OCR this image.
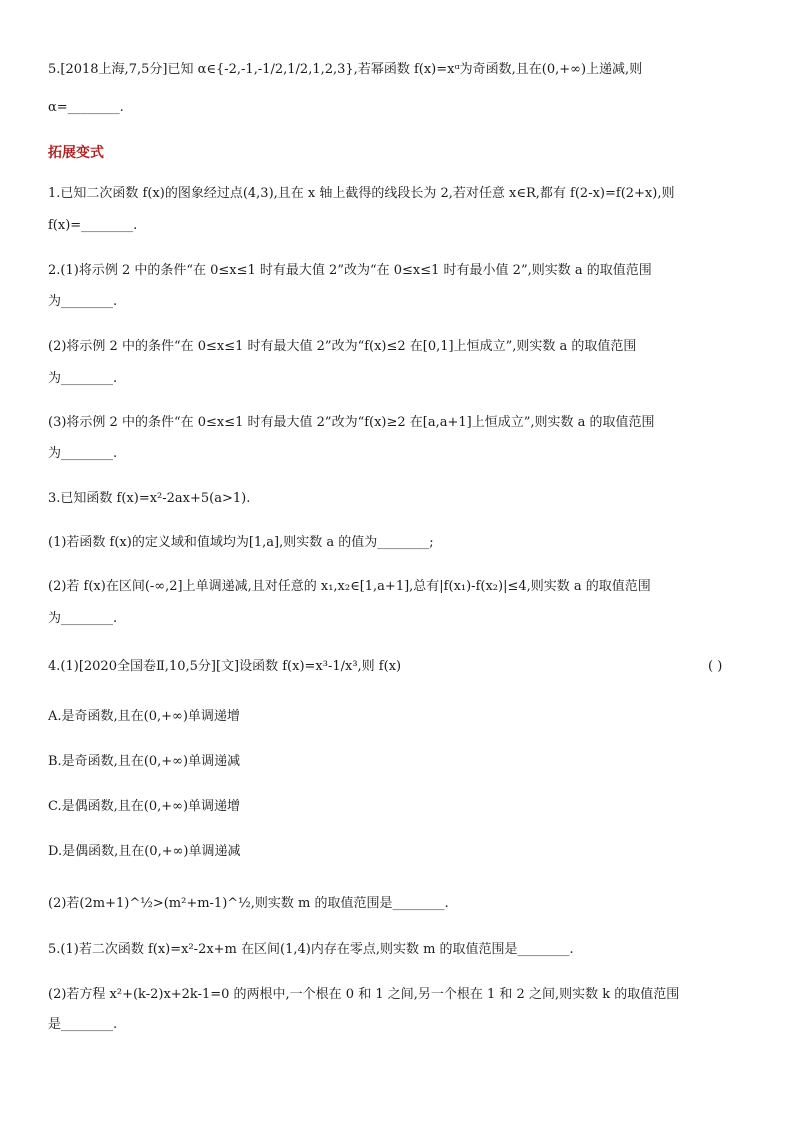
5.[2018上海,7,5分]已知 α∈{-2,-1,-1/2,1/2,1,2,3},若幂函数 f(x)=xᵅ为奇函数,且在(0,+∞)上递减,则
α=________.
拓展变式
1.已知二次函数 f(x)的图象经过点(4,3),且在 x 轴上截得的线段长为 2,若对任意 x∈R,都有 f(2-x)=f(2+x),则
f(x)=________.
2.(1)将示例 2 中的条件“在 0≤x≤1 时有最大值 2”改为“在 0≤x≤1 时有最小值 2”,则实数 a 的取值范围
为________.
(2)将示例 2 中的条件“在 0≤x≤1 时有最大值 2”改为“f(x)≤2 在[0,1]上恒成立”,则实数 a 的取值范围
为________.
(3)将示例 2 中的条件“在 0≤x≤1 时有最大值 2”改为“f(x)≥2 在[a,a+1]上恒成立”,则实数 a 的取值范围
为________.
3.已知函数 f(x)=x²-2ax+5(a>1).
(1)若函数 f(x)的定义域和值域均为[1,a],则实数 a 的值为________;
(2)若 f(x)在区间(-∞,2]上单调递减,且对任意的 x₁,x₂∈[1,a+1],总有|f(x₁)-f(x₂)|≤4,则实数 a 的取值范围
为________.
4.(1)[2020全国卷Ⅱ,10,5分][文]设函数 f(x)=x³-1/x³,则 f(x)	( )
A.是奇函数,且在(0,+∞)单调递增
B.是奇函数,且在(0,+∞)单调递减
C.是偶函数,且在(0,+∞)单调递增
D.是偶函数,且在(0,+∞)单调递减
(2)若(2m+1)^½>(m²+m-1)^½,则实数 m 的取值范围是________.
5.(1)若二次函数 f(x)=x²-2x+m 在区间(1,4)内存在零点,则实数 m 的取值范围是________.
(2)若方程 x²+(k-2)x+2k-1=0 的两根中,一个根在 0 和 1 之间,另一个根在 1 和 2 之间,则实数 k 的取值范围
是________.
